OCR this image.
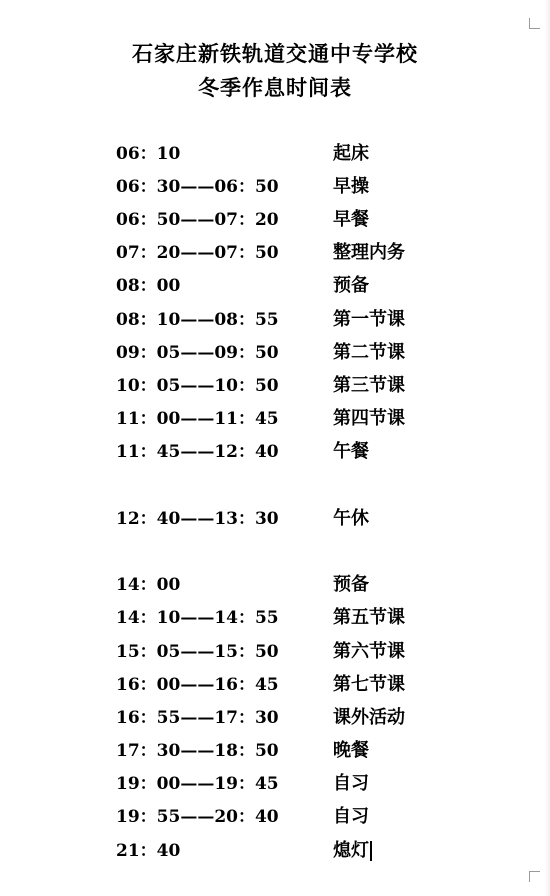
石家庄新铁轨道交通中专学校
冬季作息时间表
06：10	起床
06：30——06：50	早操
06：50——07：20	早餐
07：20——07：50	整理内务
08：00	预备
08：10——08：55	第一节课
09：05——09：50	第二节课
10：05——10：50	第三节课
11：00——11：45	第四节课
11：45——12：40	午餐
12：40——13：30	午休
14：00	预备
14：10——14：55	第五节课
15：05——15：50	第六节课
16：00——16：45	第七节课
16：55——17：30	课外活动
17：30——18：50	晚餐
19：00——19：45	自习
19：55——20：40	自习
21：40	熄灯
